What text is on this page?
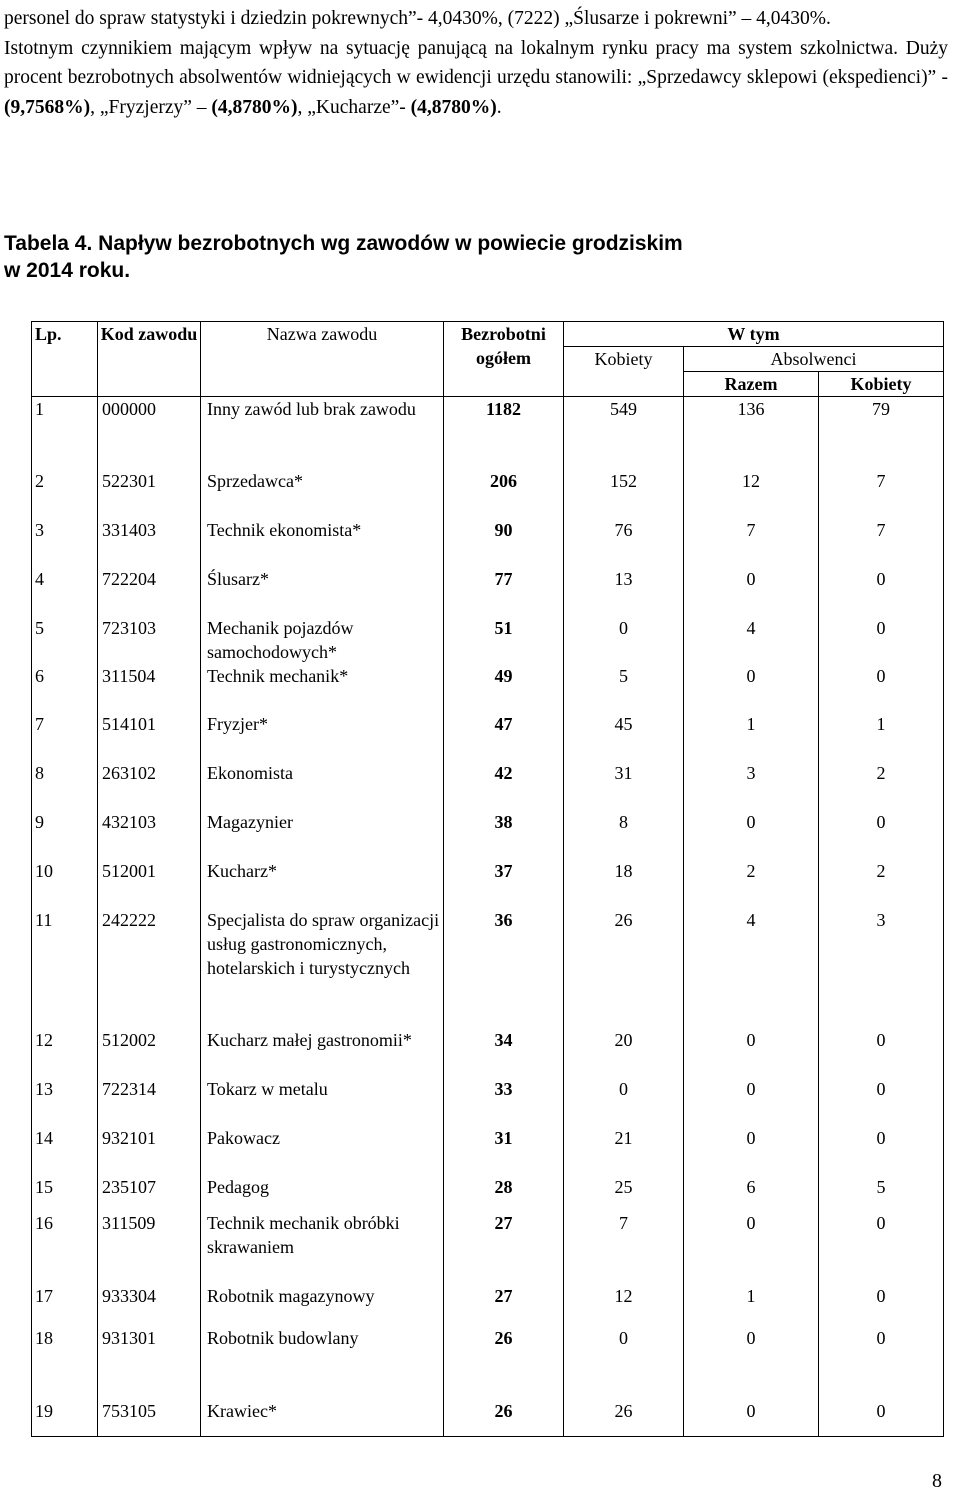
personel do spraw statystyki i dziedzin pokrewnych”- 4,0430%, (7222) „Ślusarze i pokrewni” – 4,0430%.

Istotnym czynnikiem mającym wpływ na sytuację panującą na lokalnym rynku pracy ma system szkolnictwa. Duży procent bezrobotnych absolwentów widniejących w ewidencji urzędu stanowili: „Sprzedawcy sklepowi (ekspedienci)” - (9,7568%), „Fryzjerzy” – (4,8780%), „Kucharze”- (4,8780%).

Tabela 4. Napływ bezrobotnych wg zawodów w powiecie grodziskim
w 2014 roku.
Lp.	Kod zawodu	Nazwa zawodu	Bezrobotni ogółem	W tym		
				Kobiety	Absolwenci	
					Razem	Kobiety
1	000000	Inny zawód lub brak zawodu	1182	549	136	79
2	522301	Sprzedawca*	206	152	12	7
3	331403	Technik ekonomista*	90	76	7	7
4	722204	Ślusarz*	77	13	0	0
5	723103	Mechanik pojazdów samochodowych*	51	0	4	0
6	311504	Technik mechanik*	49	5	0	0
7	514101	Fryzjer*	47	45	1	1
8	263102	Ekonomista	42	31	3	2
9	432103	Magazynier	38	8	0	0
10	512001	Kucharz*	37	18	2	2
11	242222	Specjalista do spraw organizacji usług gastronomicznych, hotelarskich i turystycznych	36	26	4	3
12	512002	Kucharz małej gastronomii*	34	20	0	0
13	722314	Tokarz w metalu	33	0	0	0
14	932101	Pakowacz	31	21	0	0
15	235107	Pedagog	28	25	6	5
16	311509	Technik mechanik obróbki skrawaniem	27	7	0	0
17	933304	Robotnik magazynowy	27	12	1	0
18	931301	Robotnik budowlany	26	0	0	0
19	753105	Krawiec*	26	26	0	0
8
